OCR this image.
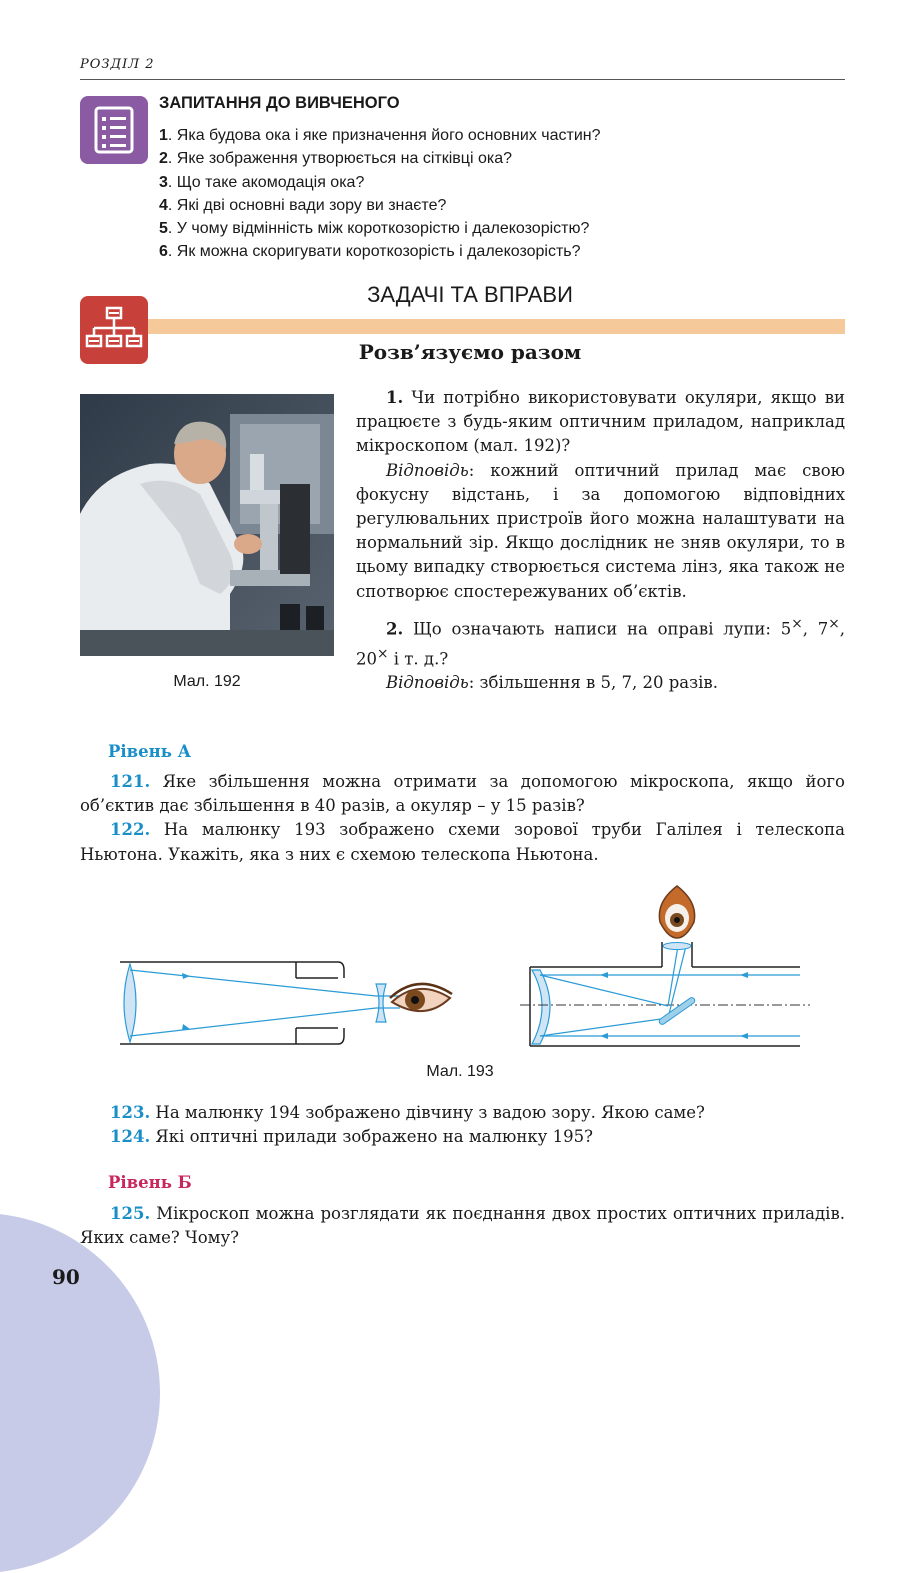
РОЗДІЛ 2
ЗАПИТАННЯ ДО ВИВЧЕНОГО
1. Яка будова ока і яке призначення його основних частин?
2. Яке зображення утворюється на сітківці ока?
3. Що таке акомодація ока?
4. Які дві основні вади зору ви знаєте?
5. У чому відмінність між короткозорістю і далекозорістю?
6. Як можна скоригувати короткозорість і далекозорість?
ЗАДАЧІ ТА ВПРАВИ
Розв’язуємо разом
Мал. 192
1. Чи потрібно використовувати окуляри, якщо ви працюєте з будь-яким оптичним приладом, наприклад мікроскопом (мал. 192)?
Відповідь: кожний оптичний прилад має свою фокусну відстань, і за допомогою відповідних регулювальних пристроїв його можна налаштувати на нормальний зір. Якщо дослідник не зняв окуляри, то в цьому випадку створюється система лінз, яка також не спотворює спостережуваних об’єктів.
2. Що означають написи на оправі лупи: 5×, 7×, 20× і т. д.?
Відповідь: збільшення в 5, 7, 20 разів.
Рівень А
121. Яке збільшення можна отримати за допомогою мікроскопа, якщо його об’єктив дає збільшення в 40 разів, а окуляр – у 15 разів?
122. На малюнку 193 зображено схеми зорової труби Галілея і телескопа Ньютона. Укажіть, яка з них є схемою телескопа Ньютона.
Мал. 193
123. На малюнку 194 зображено дівчину з вадою зору. Якою саме?
124. Які оптичні прилади зображено на малюнку 195?
Рівень Б
125. Мікроскоп можна розглядати як поєднання двох простих оптичних приладів. Яких саме? Чому?
90
